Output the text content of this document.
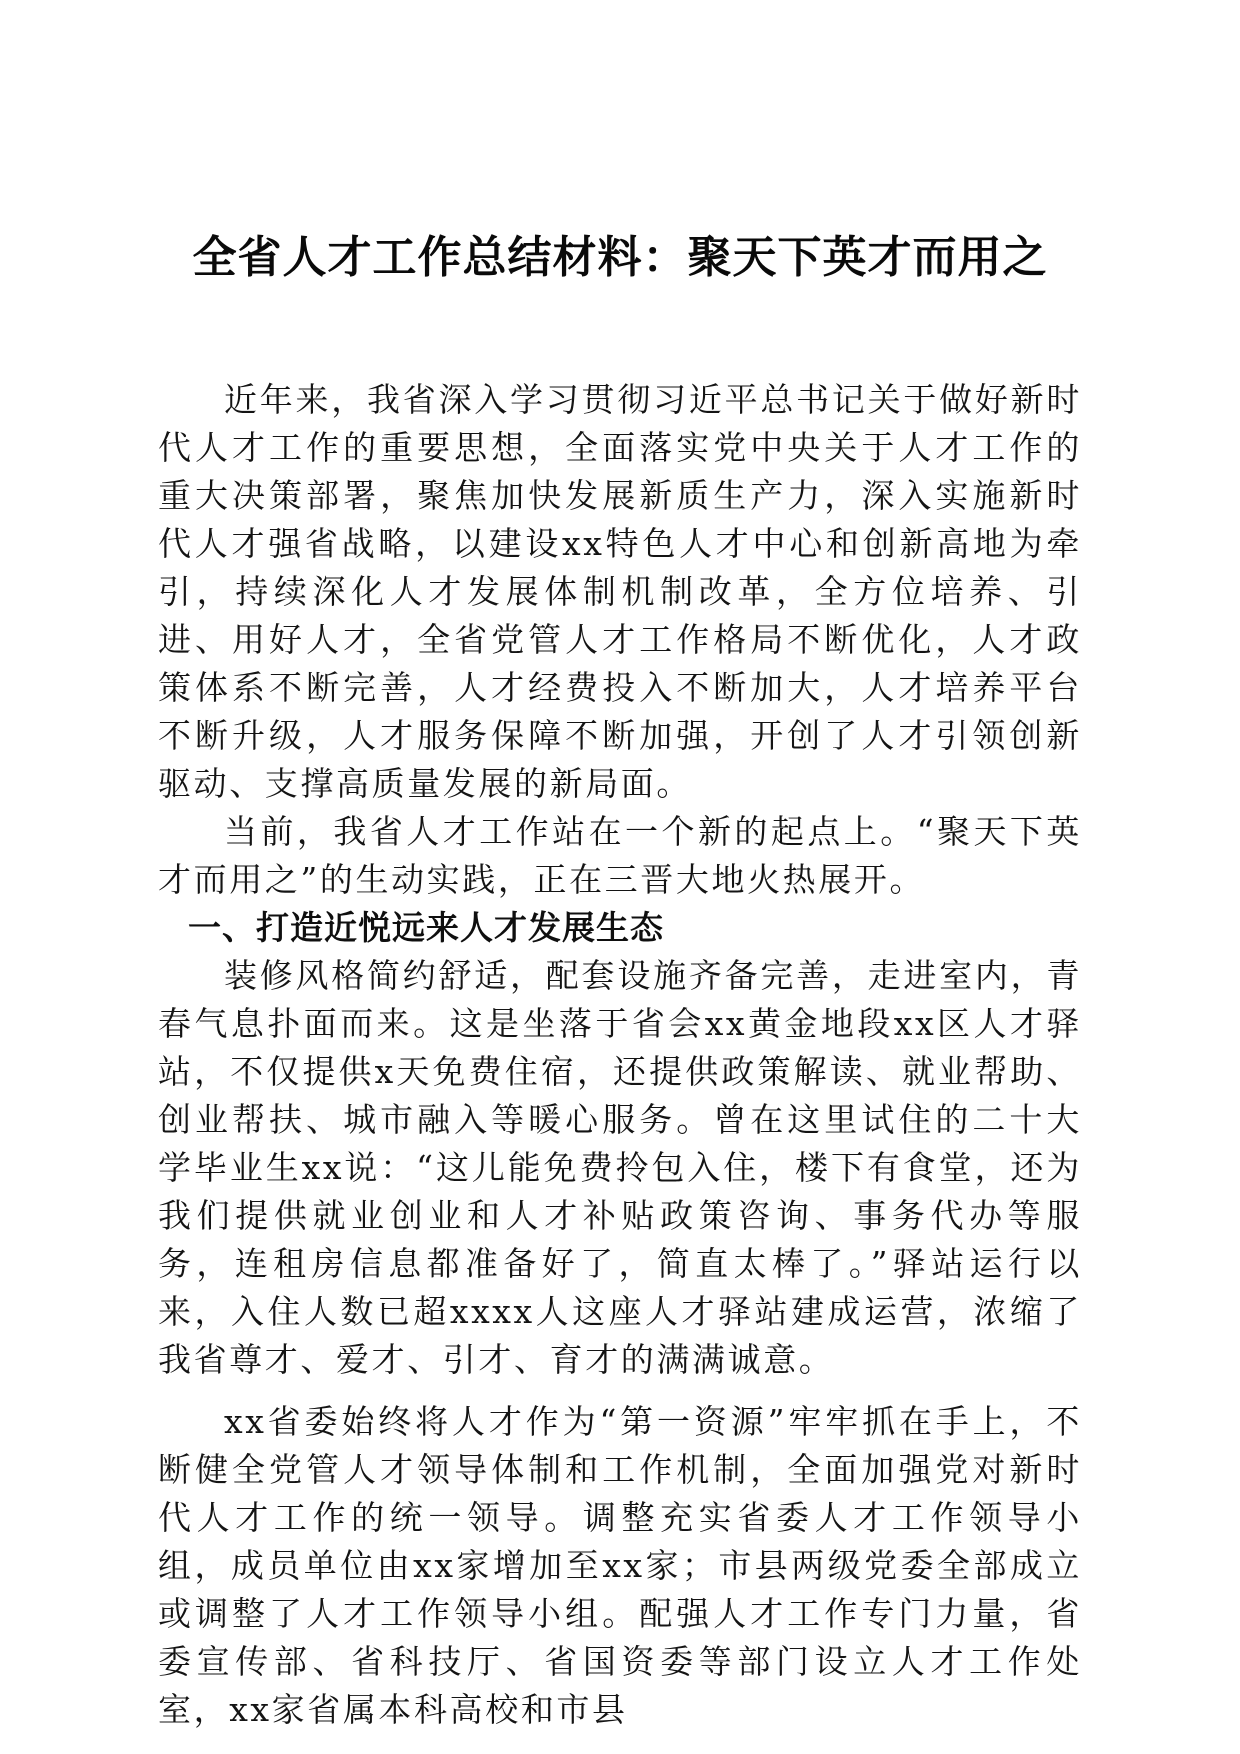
全省人才工作总结材料：聚天下英才而用之

近年来，我省深入学习贯彻习近平总书记关于做好新时代人才工作的重要思想，全面落实党中央关于人才工作的重大决策部署，聚焦加快发展新质生产力，深入实施新时代人才强省战略，以建设xx特色人才中心和创新高地为牵引，持续深化人才发展体制机制改革，全方位培养、引进、用好人才，全省党管人才工作格局不断优化，人才政策体系不断完善，人才经费投入不断加大，人才培养平台不断升级，人才服务保障不断加强，开创了人才引领创新驱动、支撑高质量发展的新局面。

当前，我省人才工作站在一个新的起点上。“聚天下英才而用之”的生动实践，正在三晋大地火热展开。

一、打造近悦远来人才发展生态

装修风格简约舒适，配套设施齐备完善，走进室内，青春气息扑面而来。这是坐落于省会xx黄金地段xx区人才驿站，不仅提供x天免费住宿，还提供政策解读、就业帮助、创业帮扶、城市融入等暖心服务。曾在这里试住的二十大学毕业生xx说：“这儿能免费拎包入住，楼下有食堂，还为我们提供就业创业和人才补贴政策咨询、事务代办等服务，连租房信息都准备好了，简直太棒了。”驿站运行以来，入住人数已超xxxx人这座人才驿站建成运营，浓缩了我省尊才、爱才、引才、育才的满满诚意。

xx省委始终将人才作为“第一资源”牢牢抓在手上，不断健全党管人才领导体制和工作机制，全面加强党对新时代人才工作的统一领导。调整充实省委人才工作领导小组，成员单位由xx家增加至xx家；市县两级党委全部成立或调整了人才工作领导小组。配强人才工作专门力量，省委宣传部、省科技厅、省国资委等部门设立人才工作处室，xx家省属本科高校和市县
